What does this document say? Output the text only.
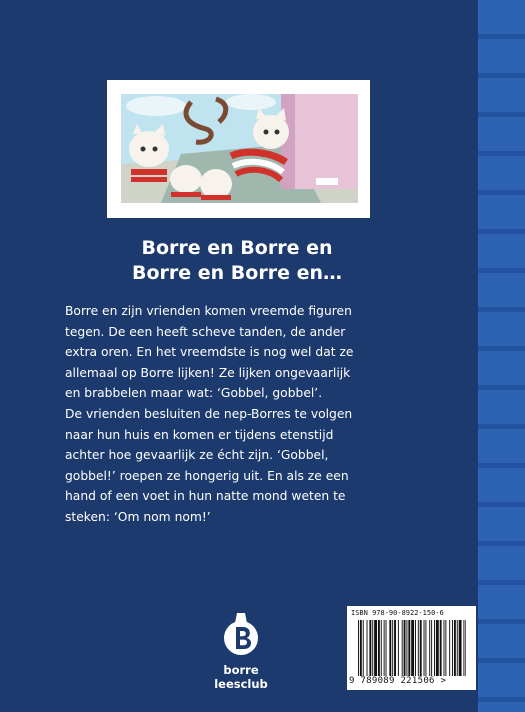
Borre en Borre en
Borre en Borre en…
Borre en zijn vrienden komen vreemde figuren
tegen. De een heeft scheve tanden, de ander
extra oren. En het vreemdste is nog wel dat ze
allemaal op Borre lijken! Ze lijken ongevaarlijk
en brabbelen maar wat: ‘Gobbel, gobbel’.
De vrienden besluiten de nep-Borres te volgen
naar hun huis en komen er tijdens etenstijd
achter hoe gevaarlijk ze écht zijn. ‘Gobbel,
gobbel!’ roepen ze hongerig uit. En als ze een
hand of een voet in hun natte mond weten te
steken: ‘Om nom nom!’
borre leesclub
ISBN 978-90-8922-150-6
9 789089 221506 >
